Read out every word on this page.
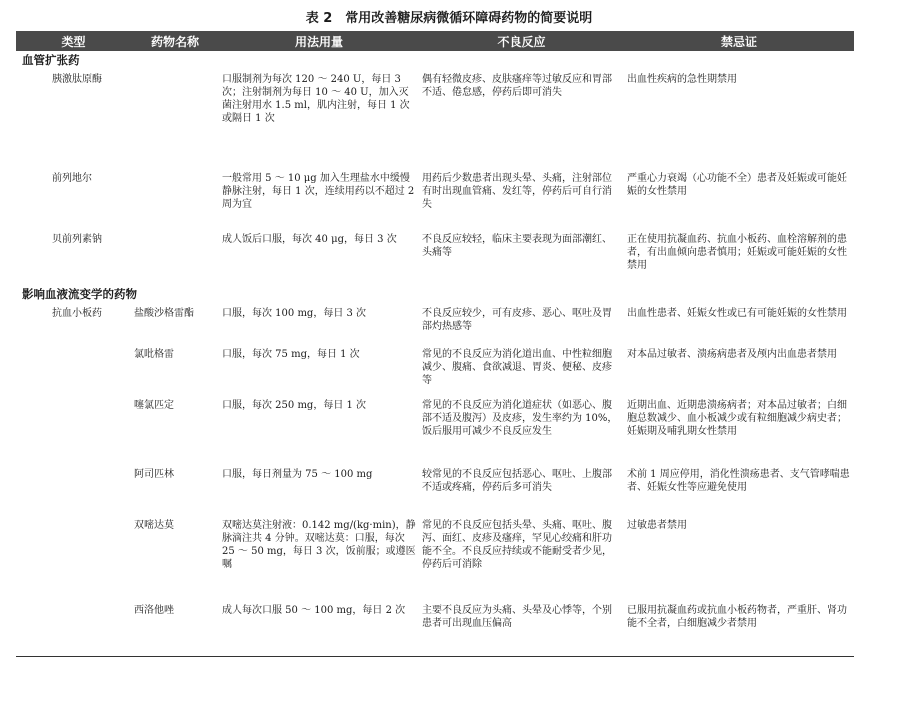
表 2　常用改善糖尿病微循环障碍药物的简要说明
类型	药物名称	用法用量	不良反应	禁忌证
血管扩张药				
胰激肽原酶		口服制剂为每次 120 ～ 240 U，每日 3 次；注射制剂为每日 10 ～ 40 U，加入灭菌注射用水 1.5 ml，肌内注射，每日 1 次或隔日 1 次	偶有轻微皮疹、皮肤瘙痒等过敏反应和胃部不适、倦怠感，停药后即可消失	出血性疾病的急性期禁用
前列地尔		一般常用 5 ～ 10 μg 加入生理盐水中缓慢静脉注射，每日 1 次，连续用药以不超过 2 周为宜	用药后少数患者出现头晕、头痛，注射部位有时出现血管痛、发红等，停药后可自行消失	严重心力衰竭（心功能不全）患者及妊娠或可能妊娠的女性禁用
贝前列素钠		成人饭后口服，每次 40 μg，每日 3 次	不良反应较轻，临床主要表现为面部潮红、头痛等	正在使用抗凝血药、抗血小板药、血栓溶解剂的患者，有出血倾向患者慎用；妊娠或可能妊娠的女性禁用
影响血液流变学的药物				
抗血小板药	盐酸沙格雷酯	口服，每次 100 mg，每日 3 次	不良反应较少，可有皮疹、恶心、呕吐及胃部灼热感等	出血性患者、妊娠女性或已有可能妊娠的女性禁用
	氯吡格雷	口服，每次 75 mg，每日 1 次	常见的不良反应为消化道出血、中性粒细胞减少、腹痛、食欲减退、胃炎、便秘、皮疹等	对本品过敏者、溃疡病患者及颅内出血患者禁用
	噻氯匹定	口服，每次 250 mg，每日 1 次	常见的不良反应为消化道症状（如恶心、腹部不适及腹泻）及皮疹，发生率约为 10%，饭后服用可减少不良反应发生	近期出血、近期患溃疡病者；对本品过敏者；白细胞总数减少、血小板减少或有粒细胞减少病史者；妊娠期及哺乳期女性禁用
	阿司匹林	口服，每日剂量为 75 ～ 100 mg	较常见的不良反应包括恶心、呕吐、上腹部不适或疼痛，停药后多可消失	术前 1 周应停用，消化性溃疡患者、支气管哮喘患者、妊娠女性等应避免使用
	双嘧达莫	双嘧达莫注射液：0.142 mg/(kg·min)，静脉滴注共 4 分钟。双嘧达莫：口服，每次 25 ～ 50 mg，每日 3 次，饭前服；或遵医嘱	常见的不良反应包括头晕、头痛、呕吐、腹泻、面红、皮疹及瘙痒，罕见心绞痛和肝功能不全。不良反应持续或不能耐受者少见，停药后可消除	过敏患者禁用
	西洛他唑	成人每次口服 50 ～ 100 mg，每日 2 次	主要不良反应为头痛、头晕及心悸等，个别患者可出现血压偏高	已服用抗凝血药或抗血小板药物者，严重肝、肾功能不全者，白细胞减少者禁用
